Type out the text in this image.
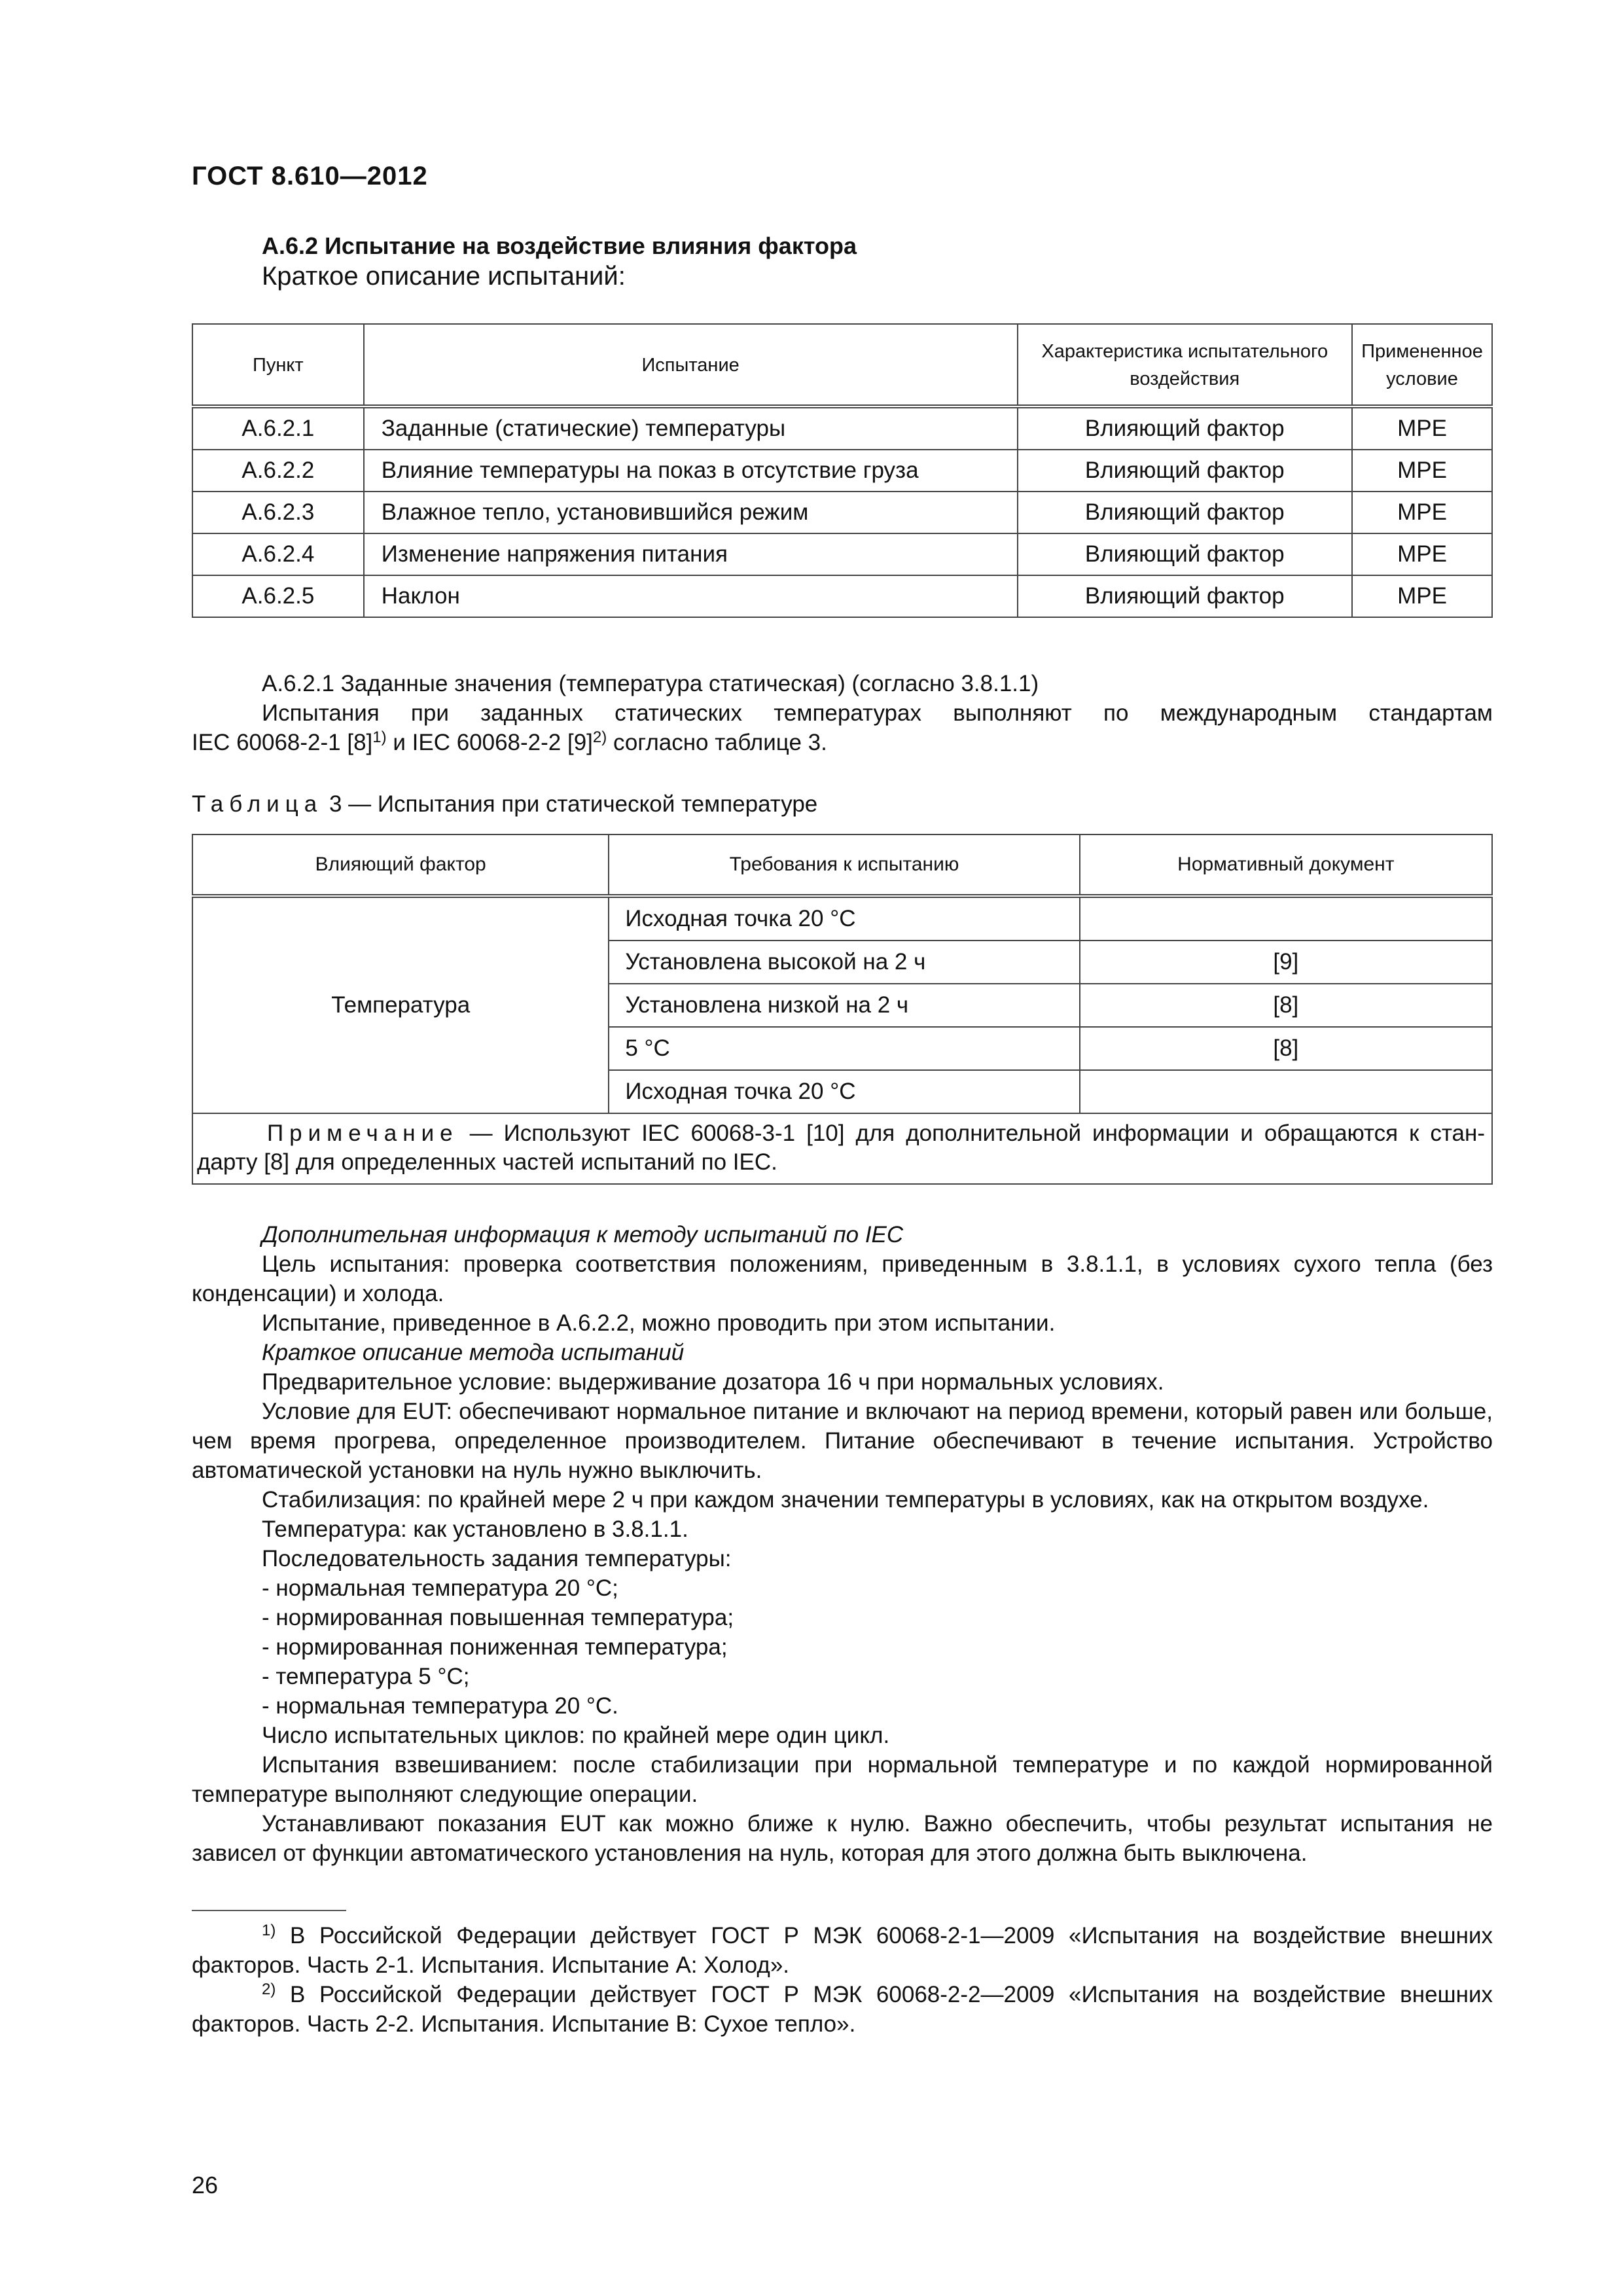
ГОСТ 8.610—2012
А.6.2 Испытание на воздействие влияния фактора
Краткое описание испытаний:
Пункт	Испытание	Характеристика испытательного воздействия	Примененное условие
А.6.2.1	Заданные (статические) температуры	Влияющий фактор	MPE
А.6.2.2	Влияние температуры на показ в отсутствие груза	Влияющий фактор	MPE
А.6.2.3	Влажное тепло, установившийся режим	Влияющий фактор	MPE
А.6.2.4	Изменение напряжения питания	Влияющий фактор	MPE
А.6.2.5	Наклон	Влияющий фактор	MPE
А.6.2.1 Заданные значения (температура статическая) (согласно 3.8.1.1)
Испытания при заданных статических температурах выполняют по международным стандартам
IEC 60068-2-1 [8]$^{1)}$ и IEC 60068-2-2 [9]$^{2)}$ согласно таблице 3.
Таблица 3 — Испытания при статической температуре
Влияющий фактор	Требования к испытанию	Нормативный документ
Температура	Исходная точка 20 °С	
	Установлена высокой на 2 ч	[9]
	Установлена низкой на 2 ч	[8]
	5 °С	[8]
	Исходная точка 20 °С	
Примечание — Используют IEC 60068-3-1 [10] для дополнительной информации и обращаются к стан-дарту [8] для определенных частей испытаний по IEC.		
Дополнительная информация к методу испытаний по IEC
Цель испытания: проверка соответствия положениям, приведенным в 3.8.1.1, в условиях сухого тепла (без конденсации) и холода.
Испытание, приведенное в А.6.2.2, можно проводить при этом испытании.
Краткое описание метода испытаний
Предварительное условие: выдерживание дозатора 16 ч при нормальных условиях.
Условие для EUT: обеспечивают нормальное питание и включают на период времени, который равен или больше, чем время прогрева, определенное производителем. Питание обеспечивают в течение испытания. Устройство автоматической установки на нуль нужно выключить.
Стабилизация: по крайней мере 2 ч при каждом значении температуры в условиях, как на открытом воздухе.
Температура: как установлено в 3.8.1.1.
Последовательность задания температуры:
- нормальная температура 20 °С;
- нормированная повышенная температура;
- нормированная пониженная температура;
- температура 5 °С;
- нормальная температура 20 °С.
Число испытательных циклов: по крайней мере один цикл.
Испытания взвешиванием: после стабилизации при нормальной температуре и по каждой нормированной температуре выполняют следующие операции.
Устанавливают показания EUT как можно ближе к нулю. Важно обеспечить, чтобы результат испытания не зависел от функции автоматического установления на нуль, которая для этого должна быть выключена.
$^{1)}$ В Российской Федерации действует ГОСТ Р МЭК 60068-2-1—2009 «Испытания на воздействие внешних факторов. Часть 2-1. Испытания. Испытание А: Холод».
$^{2)}$ В Российской Федерации действует ГОСТ Р МЭК 60068-2-2—2009 «Испытания на воздействие внешних факторов. Часть 2-2. Испытания. Испытание В: Сухое тепло».
26
